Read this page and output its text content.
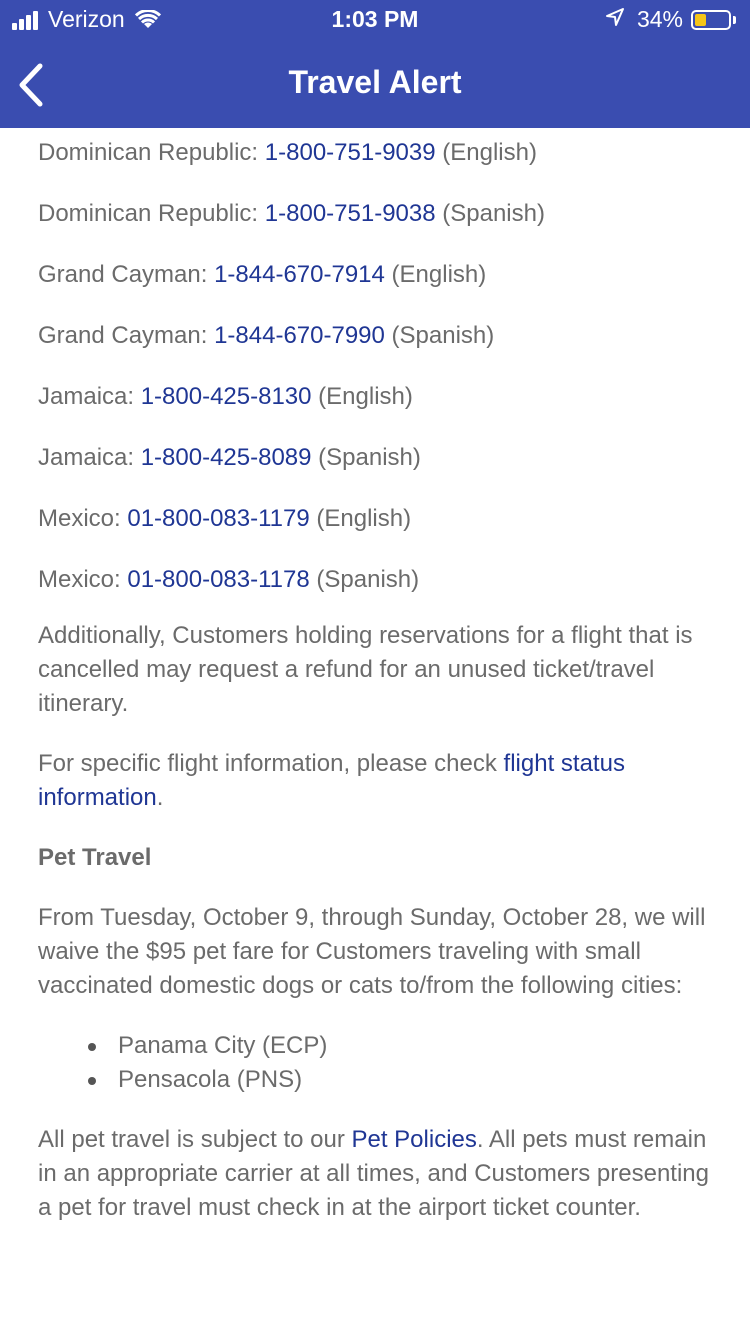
Verizon	1:03 PM	34%
Travel Alert
Dominican Republic: 1-800-751-9039 (English)
Dominican Republic: 1-800-751-9038 (Spanish)
Grand Cayman: 1-844-670-7914 (English)
Grand Cayman: 1-844-670-7990 (Spanish)
Jamaica: 1-800-425-8130 (English)
Jamaica: 1-800-425-8089 (Spanish)
Mexico: 01-800-083-1179 (English)
Mexico: 01-800-083-1178 (Spanish)

Additionally, Customers holding reservations for a flight that is cancelled may request a refund for an unused ticket/travel itinerary.

For specific flight information, please check flight status information.

Pet Travel

From Tuesday, October 9, through Sunday, October 28, we will waive the $95 pet fare for Customers traveling with small vaccinated domestic dogs or cats to/from the following cities:

Panama City (ECP)
Pensacola (PNS)

All pet travel is subject to our Pet Policies. All pets must remain in an appropriate carrier at all times, and Customers presenting a pet for travel must check in at the airport ticket counter.
